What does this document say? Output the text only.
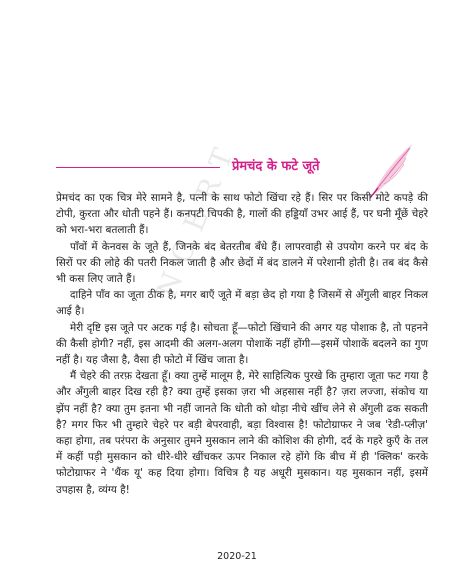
प्रेमचंद के फटे जूते
N C E R T

प्रेमचंद का एक चित्र मेरे सामने है, पत्नी के साथ फोटो खिंचा रहे हैं। सिर पर किसी मोटे कपड़े की टोपी, कुरता और धोती पहने हैं। कनपटी चिपकी है, गालों की हड्डियाँ उभर आई हैं, पर घनी मूँछें चेहरे को भरा-भरा बतलाती हैं।

पाँवों में केनवस के जूते हैं, जिनके बंद बेतरतीब बँधे हैं। लापरवाही से उपयोग करने पर बंद के सिरों पर की लोहे की पतरी निकल जाती है और छेदों में बंद डालने में परेशानी होती है। तब बंद कैसे भी कस लिए जाते हैं।

दाहिने पाँव का जूता ठीक है, मगर बाएँ जूते में बड़ा छेद हो गया है जिसमें से अँगुली बाहर निकल आई है।

मेरी दृष्टि इस जूते पर अटक गई है। सोचता हूँ—फोटो खिंचाने की अगर यह पोशाक है, तो पहनने की कैसी होगी? नहीं, इस आदमी की अलग-अलग पोशाकें नहीं होंगी—इसमें पोशाकें बदलने का गुण नहीं है। यह जैसा है, वैसा ही फोटो में खिंच जाता है।

मैं चेहरे की तरफ़ देखता हूँ। क्या तुम्हें मालूम है, मेरे साहित्यिक पुरखे कि तुम्हारा जूता फट गया है और अँगुली बाहर दिख रही है? क्या तुम्हें इसका ज़रा भी अहसास नहीं है? ज़रा लज्जा, संकोच या झेंप नहीं है? क्या तुम इतना भी नहीं जानते कि धोती को थोड़ा नीचे खींच लेने से अँगुली ढक सकती है? मगर फिर भी तुम्हारे चेहरे पर बड़ी बेपरवाही, बड़ा विश्वास है! फोटोग्राफर ने जब 'रेडी-प्लीज़' कहा होगा, तब परंपरा के अनुसार तुमने मुसकान लाने की कोशिश की होगी, दर्द के गहरे कुएँ के तल में कहीं पड़ी मुसकान को धीरे-धीरे खींचकर ऊपर निकाल रहे होंगे कि बीच में ही 'क्लिक' करके फोटोग्राफर ने 'थैंक यू' कह दिया होगा। विचित्र है यह अधूरी मुसकान। यह मुसकान नहीं, इसमें उपहास है, व्यंग्य है!

2020-21
